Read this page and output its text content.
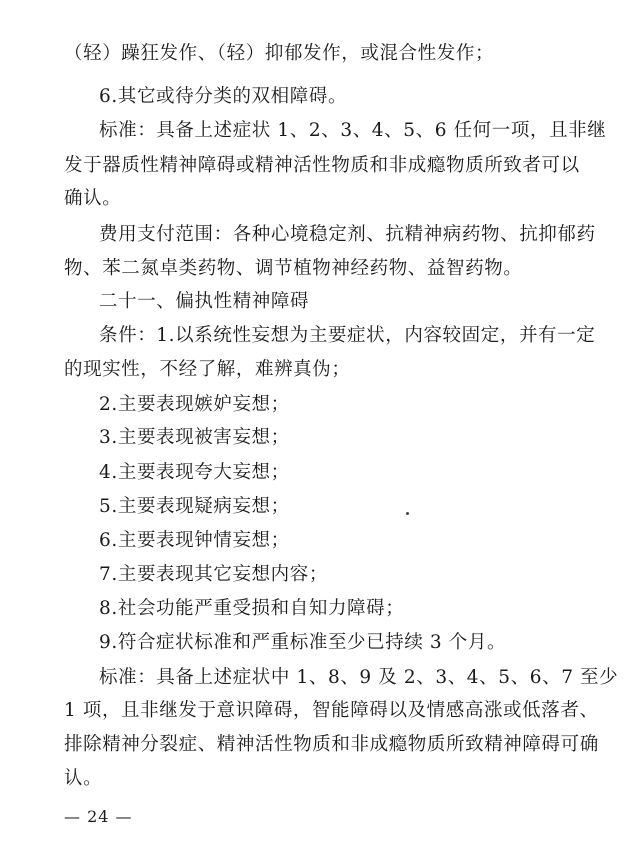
（轻）躁狂发作、（轻）抑郁发作，或混合性发作；
6.其它或待分类的双相障碍。
标准：具备上述症状 1、2、3、4、5、6 任何一项，且非继
发于器质性精神障碍或精神活性物质和非成瘾物质所致者可以
确认。
费用支付范围：各种心境稳定剂、抗精神病药物、抗抑郁药
物、苯二氮卓类药物、调节植物神经药物、益智药物。
二十一、偏执性精神障碍
条件：1.以系统性妄想为主要症状，内容较固定，并有一定
的现实性，不经了解，难辨真伪；
2.主要表现嫉妒妄想；
3.主要表现被害妄想；
4.主要表现夸大妄想；
5.主要表现疑病妄想；
6.主要表现钟情妄想；
7.主要表现其它妄想内容；
8.社会功能严重受损和自知力障碍；
9.符合症状标准和严重标准至少已持续 3 个月。
标准：具备上述症状中 1、8、9 及 2、3、4、5、6、7 至少
1 项，且非继发于意识障碍，智能障碍以及情感高涨或低落者、
排除精神分裂症、精神活性物质和非成瘾物质所致精神障碍可确
认。
— 24 —
